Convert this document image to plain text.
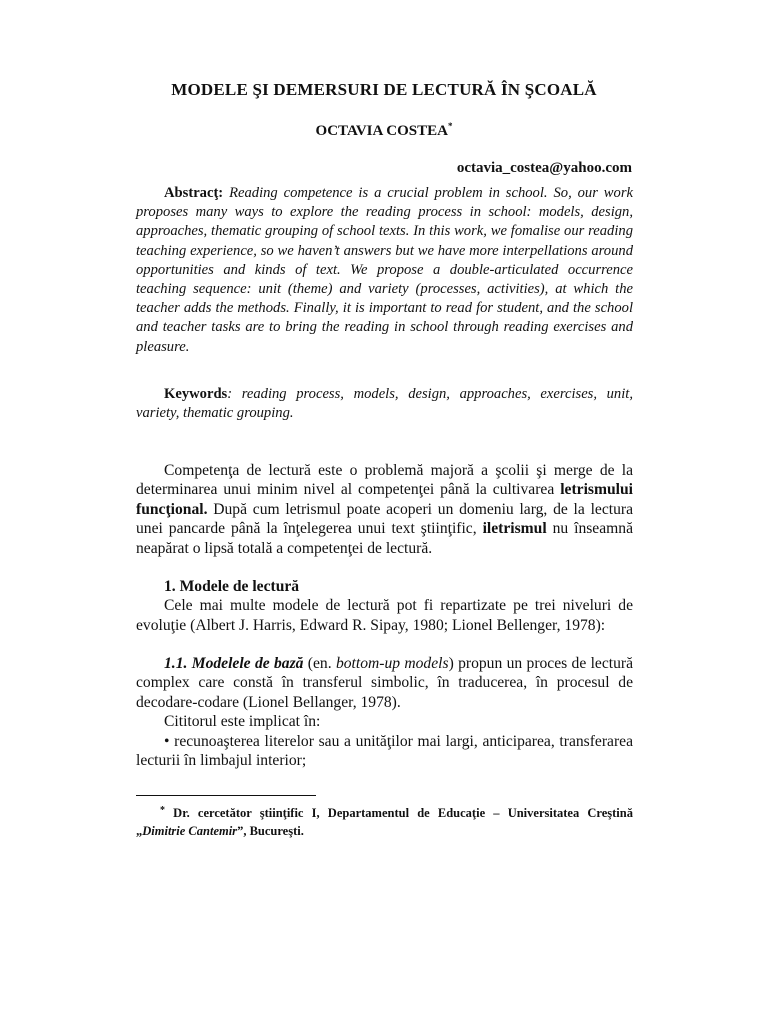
MODELE ŞI DEMERSURI DE LECTURĂ ÎN ŞCOALĂ
OCTAVIA COSTEA*
octavia_costea@yahoo.com
Abstracţ: Reading competence is a crucial problem in school. So, our work proposes many ways to explore the reading process in school: models, design, approaches, thematic grouping of school texts. In this work, we fomalise our reading teaching experience, so we haven’t answers but we have more interpellations around opportunities and kinds of text. We propose a double-articulated occurrence teaching sequence: unit (theme) and variety (processes, activities), at which the teacher adds the methods. Finally, it is important to read for student, and the school and teacher tasks are to bring the reading in school through reading exercises and pleasure.
Keywords: reading process, models, design, approaches, exercises, unit, variety, thematic grouping.
Competenţa de lectură este o problemă majoră a şcolii şi merge de la determinarea unui minim nivel al competenţei până la cultivarea letrismului funcţional. După cum letrismul poate acoperi un domeniu larg, de la lectura unei pancarde până la înţelegerea unui text ştiinţific, iletrismul nu înseamnă neapărat o lipsă totală a competenţei de lectură.

1. Modele de lectură

Cele mai multe modele de lectură pot fi repartizate pe trei niveluri de evoluţie (Albert J. Harris, Edward R. Sipay, 1980; Lionel Bellenger, 1978):

1.1. Modelele de bază (en. bottom-up models) propun un proces de lectură complex care constă în transferul simbolic, în traducerea, în procesul de decodare-codare (Lionel Bellanger, 1978).

Cititorul este implicat în:

• recunoaşterea literelor sau a unităţilor mai largi, anticiparea, transferarea lecturii în limbajul interior;

* Dr. cercetător ştiinţific I, Departamentul de Educaţie – Universitatea Creştină „Dimitrie Cantemir”, Bucureşti.
